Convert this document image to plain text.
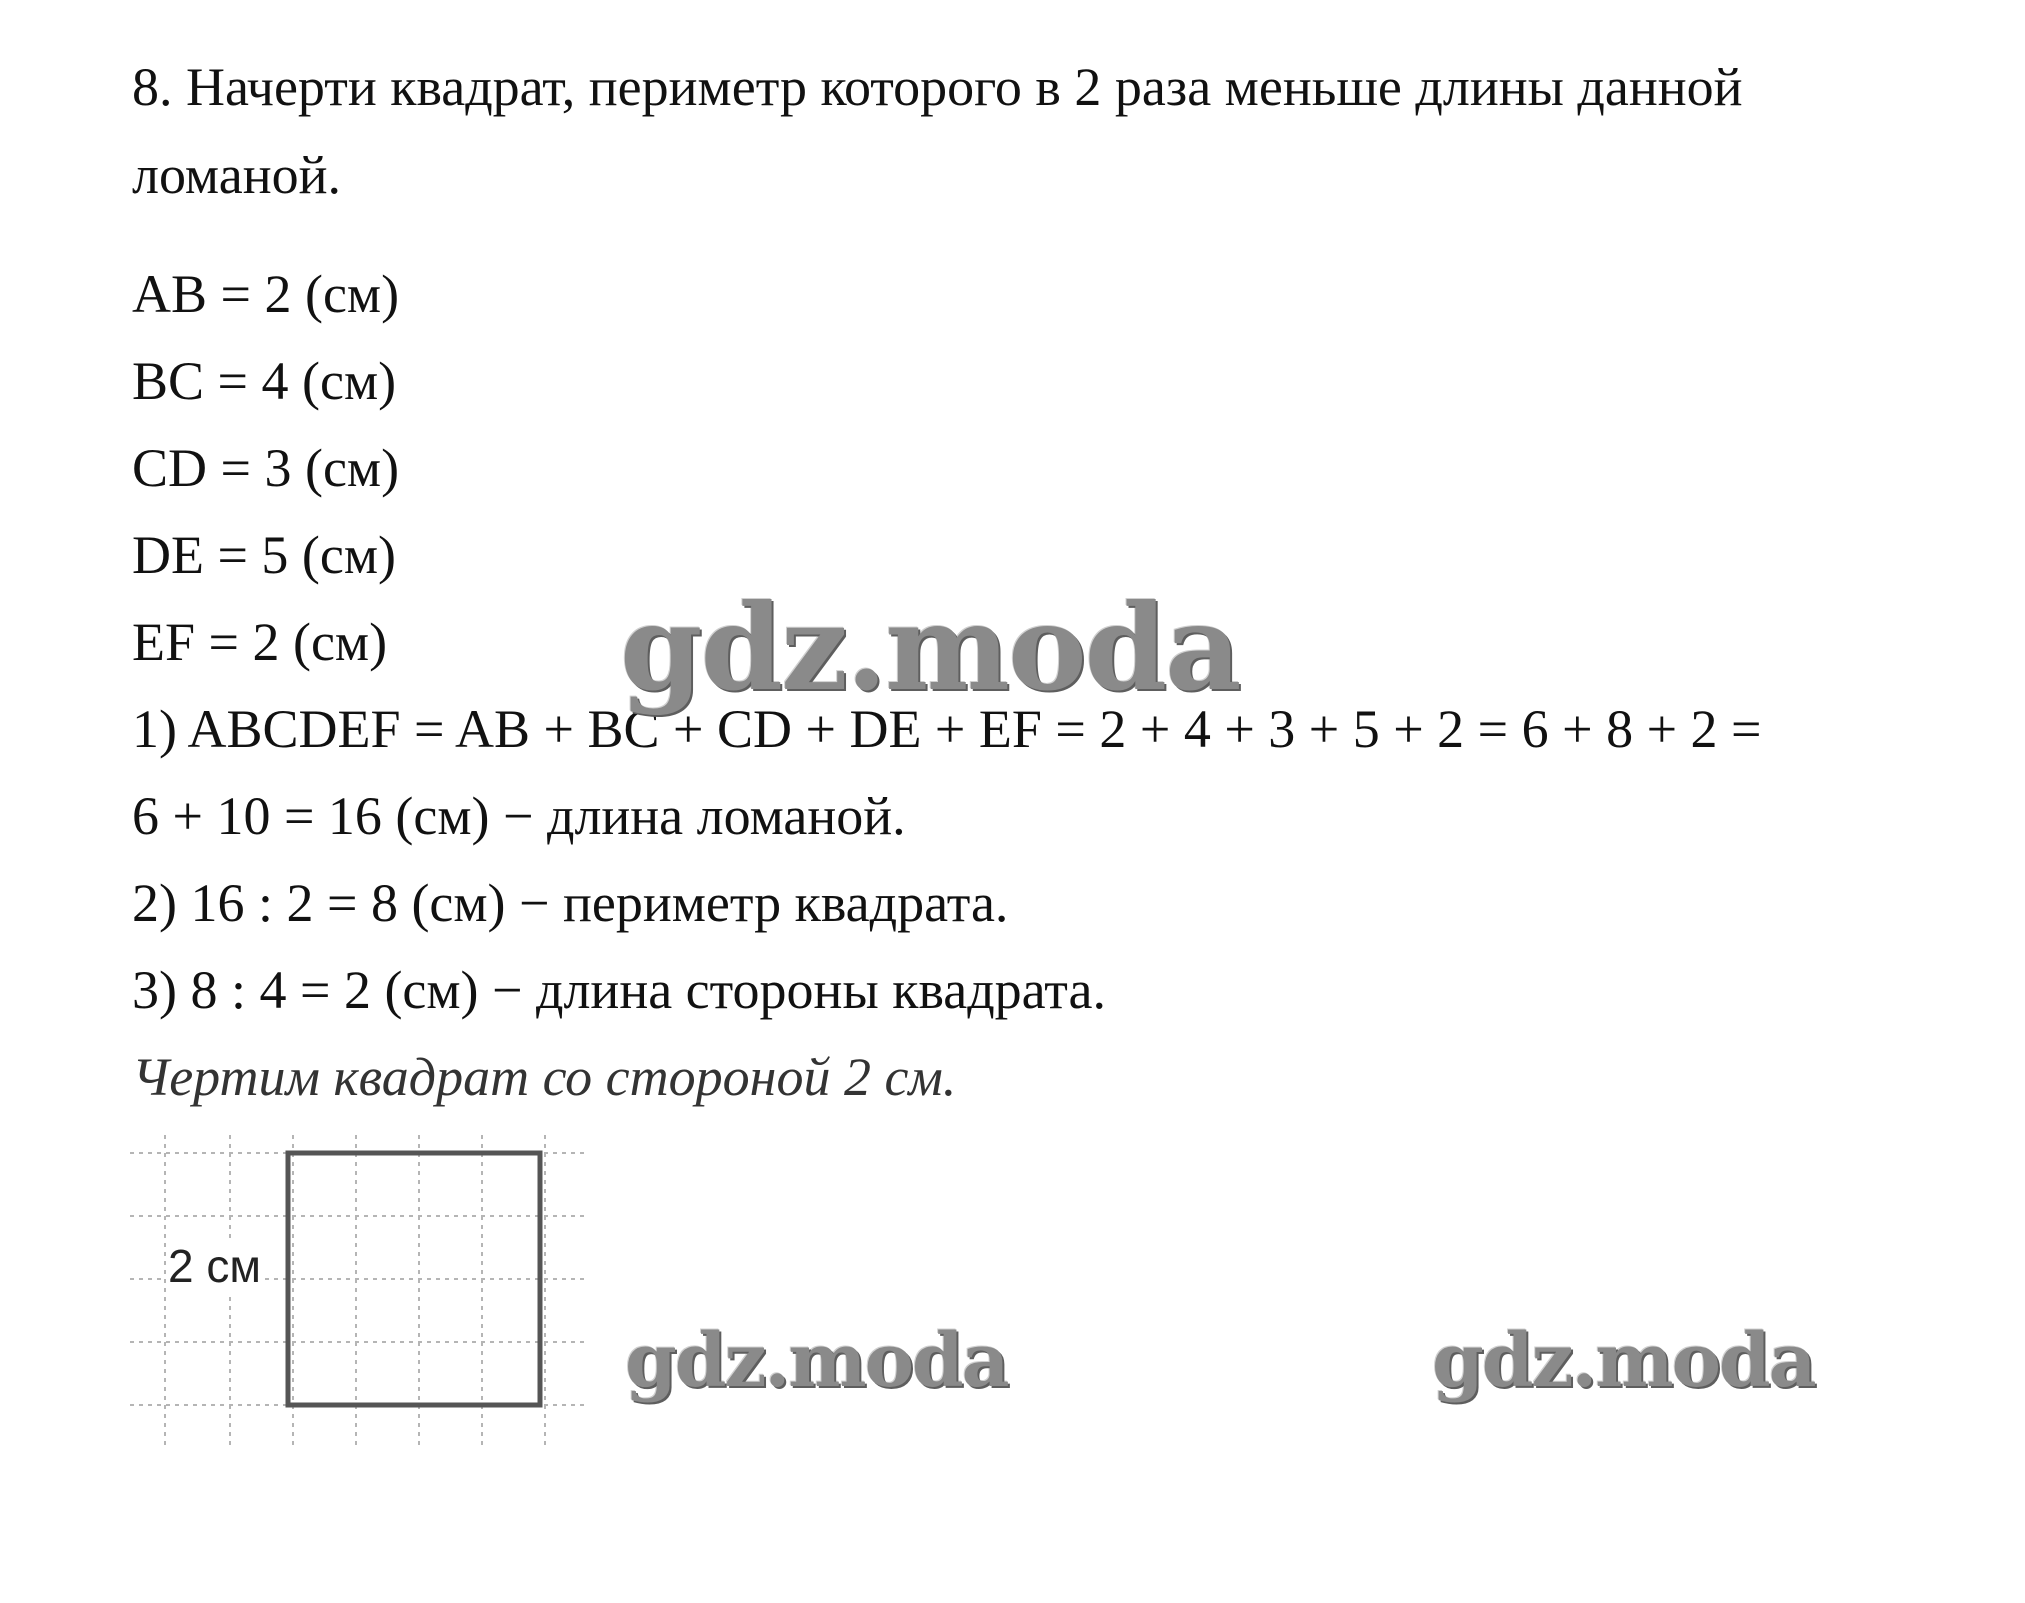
8. Начерти квадрат, периметр которого в 2 раза меньше длины данной
ломаной.
AB = 2 (см)
BC = 4 (см)
CD = 3 (см)
DE = 5 (см)
EF = 2 (см)
1) ABCDEF = AB + BC + CD + DE + EF = 2 + 4 + 3 + 5 + 2 = 6 + 8 + 2 =
6 + 10 = 16 (см) − длина ломаной.
2) 16 : 2 = 8 (см) − периметр квадрата.
3) 8 : 4 = 2 (см) − длина стороны квадрата.
Чертим квадрат со стороной 2 см.
2 см
gdz.moda
gdz.moda	gdz.moda
